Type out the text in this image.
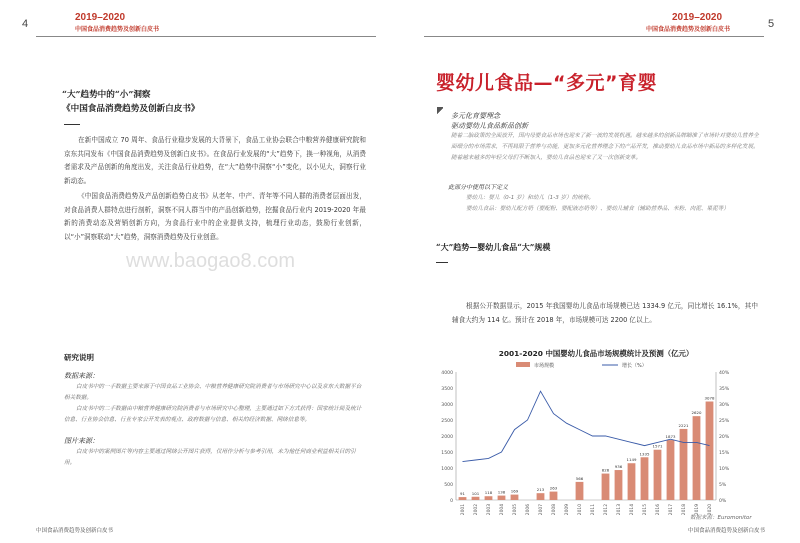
4
2019–2020
中国食品消费趋势及创新白皮书
2019–2020
中国食品消费趋势及创新白皮书	5
“大”趋势中的“小”洞察
《中国食品消费趋势及创新白皮书》
在新中国成立 70 周年、食品行业稳步发展的大背景下，食品工业协会联合中粮营养健康研究院和京东共同发布《中国食品消费趋势及创新白皮书》。在食品行业发展的“大”趋势下，换一种视角，从消费者需求及产品创新的角度出发，关注食品行业趋势，在“大”趋势中洞察“小”变化，以小见大，洞察行业新动态。
《中国食品消费趋势及产品创新趋势白皮书》从老年、中产、青年等不同人群的消费者层面出发，对食品消费人群特点进行剖析，洞察不同人群当中的产品创新趋势，挖掘食品行业内 2019-2020 年最新的消费动态及营销创新方向，为食品行业中的企业提供支持，梳理行业动态，鼓励行业创新，以“小”洞察联动“大”趋势，洞察消费趋势及行业创意。
www.baogao8.com
研究说明
数据来源：
白皮书中的一手数据主要来源于中国食品工业协会、中粮营养健康研究院消费者与市场研究中心以及京东大数据平台相关数据。
白皮书中的二手数据由中粮营养健康研究院消费者与市场研究中心整理，主要通过如下方式获得：国家统计局及统计信息、行业协会信息、行业专家公开发表的观点、政府数据与信息、相关的经济数据、网络信息等。
图片来源：
白皮书中的案例图片等内容主要通过网络公开图片获得，仅用作分析与参考引用，未为他任何商业利益相关目的引用。
婴幼儿食品—“多元”育婴
多元化育婴理念
驱动婴幼儿食品新品创新
随着二胎政策的全面放开，国内母婴食品市场也迎来了新一波的发展机遇。越来越多的创新品牌瞄准了市场针对婴幼儿营养全面细分的市场需求，不再局限于营养与功能，更加多元化营养理念下的产品开发，推动婴幼儿食品市场中新品的多样化发展。随着越来越多的年轻父母们不断加入，婴幼儿食品也迎来了又一次创新变革。
此部分中使用以下定义
婴幼儿：婴儿（0-1 岁）和幼儿（1-3 岁）的统称。
婴幼儿食品：婴幼儿配方奶（婴配粉、婴配液态奶等）、婴幼儿辅食（辅助营养品、米粉、肉泥、果泥等）
“大”趋势—婴幼儿食品“大”规模
根据公开数据显示，2015 年我国婴幼儿食品市场规模已达 1334.9 亿元，同比增长 16.1%，其中辅食大约为 114 亿。预计在 2018 年，市场规模可达 2200 亿以上。
2001-2020 中国婴幼儿食品市场规模统计及预测（亿元）
市场规模	增长（%）
0
500
1000
1500
2000
2500
3000
3500
4000
0%
5%
10%
15%
20%
25%
30%
35%
40%
2001 2002 2003 2004 2005 2006 2007 2008 2009 2010 2011 2012 2013 2014 2015 2016 2017 2018 2019 2020
91 101 118 138 169	213 263
566
826
936
1149
1335
1571
1873
2221
2620
3078
数据来源：Euromonitor
中国食品消费趋势及创新白皮书	中国食品消费趋势及创新白皮书
